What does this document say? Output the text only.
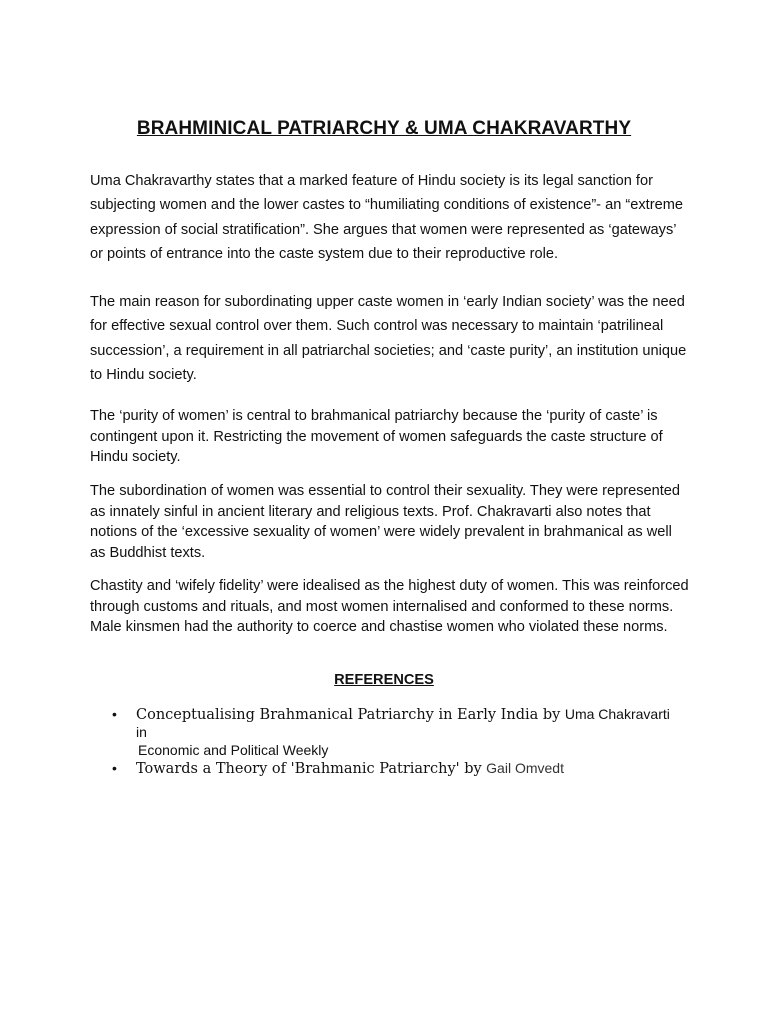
BRAHMINICAL PATRIARCHY & UMA CHAKRAVARTHY

Uma Chakravarthy states that a marked feature of Hindu society is its legal sanction for subjecting women and the lower castes to “humiliating conditions of existence”- an “extreme expression of social stratification”. She argues that women were represented as ‘gateways’ or points of entrance into the caste system due to their reproductive role.

The main reason for subordinating upper caste women in ‘early Indian society’ was the need for effective sexual control over them. Such control was necessary to maintain ‘patrilineal succession’, a requirement in all patriarchal societies; and ‘caste purity’, an institution unique to Hindu society.

The ‘purity of women’ is central to brahmanical patriarchy because the ‘purity of caste’ is contingent upon it. Restricting the movement of women safeguards the caste structure of Hindu society.

The subordination of women was essential to control their sexuality. They were represented as innately sinful in ancient literary and religious texts. Prof. Chakravarti also notes that notions of the ‘excessive sexuality of women’ were widely prevalent in brahmanical as well as Buddhist texts.

Chastity and ‘wifely fidelity’ were idealised as the highest duty of women. This was reinforced through customs and rituals, and most women internalised and conformed to these norms. Male kinsmen had the authority to coerce and chastise women who violated these norms.

REFERENCES
• Conceptualising Brahmanical Patriarchy in Early India by Uma Chakravarti
in
Economic and Political Weekly
• Towards a Theory of 'Brahmanic Patriarchy' by Gail Omvedt
